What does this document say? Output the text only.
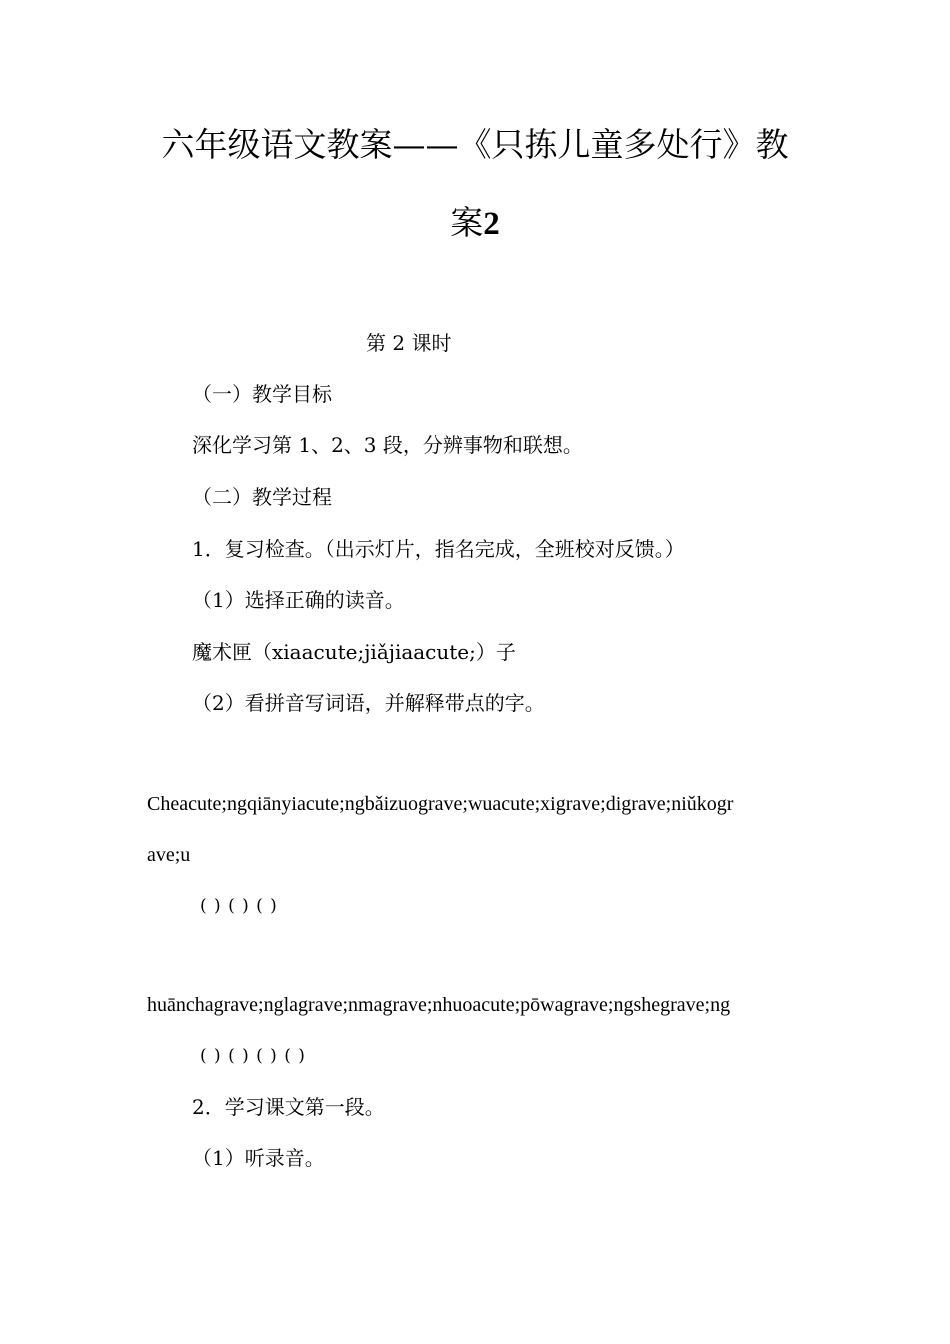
六年级语文教案——《只拣儿童多处行》教
案2
第 2 课时
（一）教学目标
深化学习第 1、2、3 段，分辨事物和联想。
（二）教学过程
1．复习检查。（出示灯片，指名完成，全班校对反馈。）
（1）选择正确的读音。
魔术匣（xiaacute;jiǎjiaacute;）子
（2）看拼音写词语，并解释带点的字。
Cheacute;ngqiānyiacute;ngbǎizuograve;wuacute;xigrave;digrave;niǔkogr
ave;u
( ) ( ) ( )
huānchagrave;nglagrave;nmagrave;nhuoacute;pōwagrave;ngshegrave;ng
( ) ( ) ( ) ( )
2．学习课文第一段。
（1）听录音。
